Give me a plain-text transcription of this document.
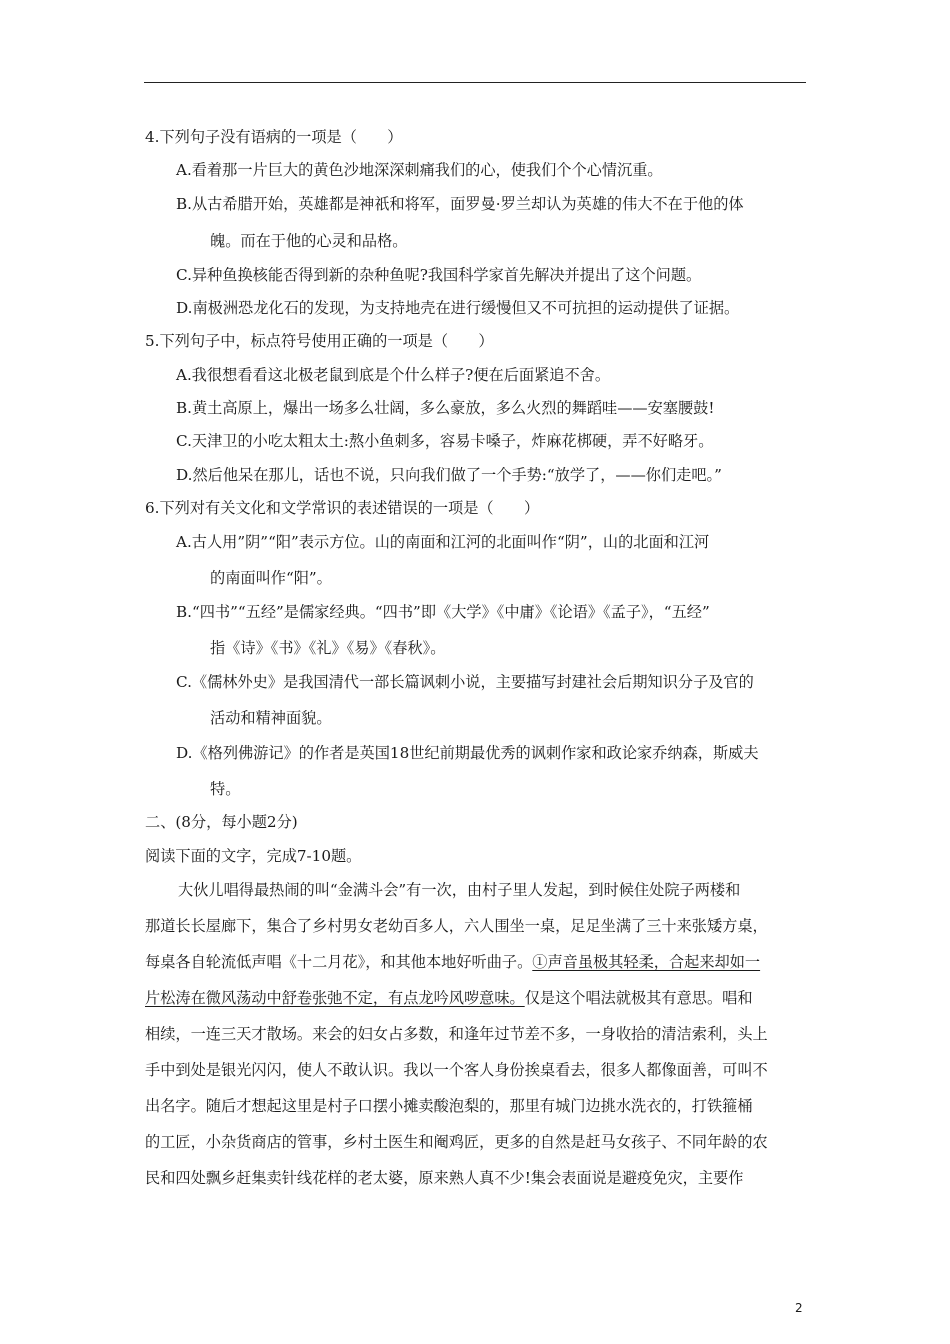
4.下列句子没有语病的一项是（　　）
A.看着那一片巨大的黄色沙地深深刺痛我们的心，使我们个个心情沉重。
B.从古希腊开始，英雄都是神祇和将军，面罗曼·罗兰却认为英雄的伟大不在于他的体
魄。而在于他的心灵和品格。
C.异种鱼换核能否得到新的杂种鱼呢?我国科学家首先解决并提出了这个问题。
D.南极洲恐龙化石的发现，为支持地壳在进行缓慢但又不可抗担的运动提供了证据。
5.下列句子中，标点符号使用正确的一项是（　　）
A.我很想看看这北极老鼠到底是个什么样子?便在后面紧追不舍。
B.黄土高原上，爆出一场多么壮阔，多么豪放，多么火烈的舞蹈哇——安塞腰鼓!
C.天津卫的小吃太粗太土:熬小鱼刺多，容易卡嗓子，炸麻花梆硬，弄不好略牙。
D.然后他呆在那儿，话也不说，只向我们做了一个手势:“放学了，——你们走吧。”
6.下列对有关文化和文学常识的表述错误的一项是（　　）
A.古人用”阴”“阳”表示方位。山的南面和江河的北面叫作“阴”，山的北面和江河
的南面叫作“阳”。
B.“四书”“五经”是儒家经典。“四书”即《大学》《中庸》《论语》《孟子》，“五经”
指《诗》《书》《礼》《易》《春秋》。
C.《儒林外史》是我国清代一部长篇讽刺小说，主要描写封建社会后期知识分子及官的
活动和精神面貌。
D.《格列佛游记》的作者是英国18世纪前期最优秀的讽刺作家和政论家乔纳森，斯威夫
特。
二、(8分，每小题2分)
阅读下面的文字，完成7-10题。
大伙儿唱得最热闹的叫“金满斗会”有一次，由村子里人发起，到时候住处院子两楼和
那道长长屋廊下，集合了乡村男女老幼百多人，六人围坐一桌，足足坐满了三十来张矮方桌，
每桌各自轮流低声唱《十二月花》，和其他本地好听曲子。①声音虽极其轻柔，合起来却如一
片松涛在微风荡动中舒卷张弛不定，有点龙吟风哕意味。仅是这个唱法就极其有意思。唱和
相续，一连三天才散场。来会的妇女占多数，和逢年过节差不多，一身收拾的清洁索利，头上
手中到处是银光闪闪，使人不敢认识。我以一个客人身份挨桌看去，很多人都像面善，可叫不
出名字。随后才想起这里是村子口摆小摊卖酸泡梨的，那里有城门边挑水洗衣的，打铁箍桶
的工匠，小杂货商店的管事，乡村土医生和阉鸡匠，更多的自然是赶马女孩子、不同年龄的农
民和四处飘乡赶集卖针线花样的老太婆，原来熟人真不少!集会表面说是避疫免灾，主要作
2
